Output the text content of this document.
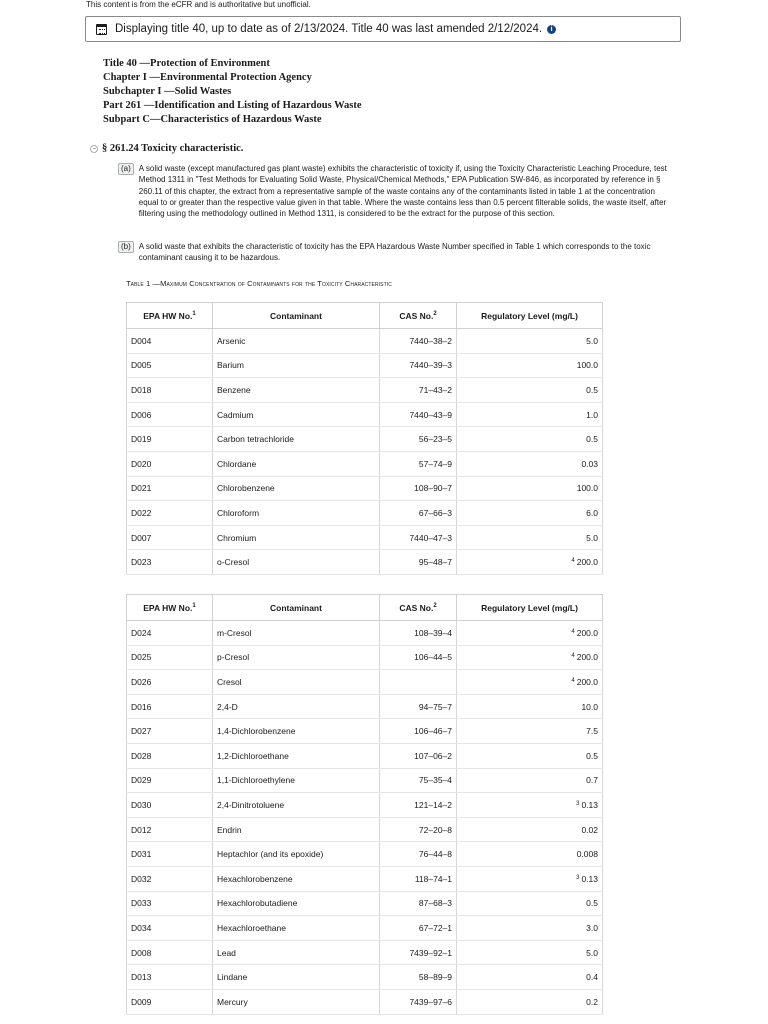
This content is from the eCFR and is authoritative but unofficial.
Displaying title 40, up to date as of 2/13/2024. Title 40 was last amended 2/12/2024.	i
Title 40 —Protection of Environment
Chapter I —Environmental Protection Agency
Subchapter I —Solid Wastes
Part 261 —Identification and Listing of Hazardous Waste
Subpart C—Characteristics of Hazardous Waste
§ 261.24 Toxicity characteristic.
(a)	A solid waste (except manufactured gas plant waste) exhibits the characteristic of toxicity if, using the Toxicity Characteristic Leaching Procedure, test Method 1311 in "Test Methods for Evaluating Solid Waste, Physical/Chemical Methods," EPA Publication SW-846, as incorporated by reference in § 260.11 of this chapter, the extract from a representative sample of the waste contains any of the contaminants listed in table 1 at the concentration equal to or greater than the respective value given in that table. Where the waste contains less than 0.5 percent filterable solids, the waste itself, after filtering using the methodology outlined in Method 1311, is considered to be the extract for the purpose of this section.
(b)	A solid waste that exhibits the characteristic of toxicity has the EPA Hazardous Waste Number specified in Table 1 which corresponds to the toxic contaminant causing it to be hazardous.
Table 1 —Maximum Concentration of Contaminants for the Toxicity Characteristic
EPA HW No.$^1$	Contaminant	CAS No.$^2$	Regulatory Level (mg/L)
D004	Arsenic	7440–38–2	5.0
D005	Barium	7440–39–3	100.0
D018	Benzene	71–43–2	0.5
D006	Cadmium	7440–43–9	1.0
D019	Carbon tetrachloride	56–23–5	0.5
D020	Chlordane	57–74–9	0.03
D021	Chlorobenzene	108–90–7	100.0
D022	Chloroform	67–66–3	6.0
D007	Chromium	7440–47–3	5.0
D023	o-Cresol	95–48–7	$^4$ 200.0
EPA HW No.$^1$	Contaminant	CAS No.$^2$	Regulatory Level (mg/L)
D024	m-Cresol	108–39–4	$^4$ 200.0
D025	p-Cresol	106–44–5	$^4$ 200.0
D026	Cresol		$^4$ 200.0
D016	2,4-D	94–75–7	10.0
D027	1,4-Dichlorobenzene	106–46–7	7.5
D028	1,2-Dichloroethane	107–06–2	0.5
D029	1,1-Dichloroethylene	75–35–4	0.7
D030	2,4-Dinitrotoluene	121–14–2	$^3$ 0.13
D012	Endrin	72–20–8	0.02
D031	Heptachlor (and its epoxide)	76–44–8	0.008
D032	Hexachlorobenzene	118–74–1	$^3$ 0.13
D033	Hexachlorobutadiene	87–68–3	0.5
D034	Hexachloroethane	67–72–1	3.0
D008	Lead	7439–92–1	5.0
D013	Lindane	58–89–9	0.4
D009	Mercury	7439–97–6	0.2
